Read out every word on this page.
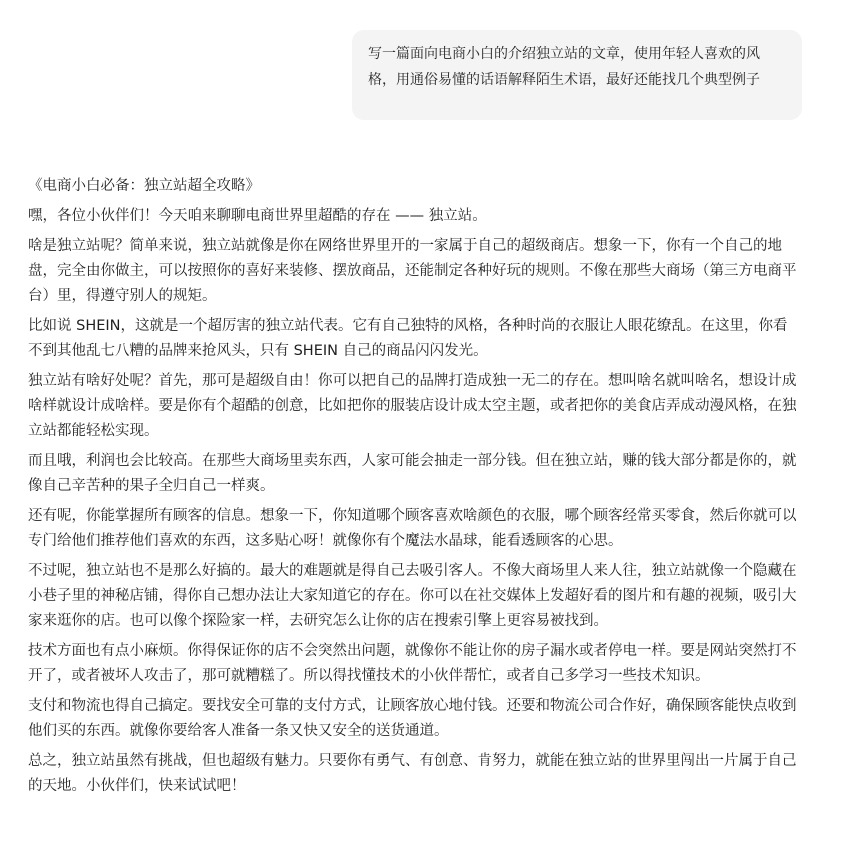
写一篇面向电商小白的介绍独立站的文章，使用年轻人喜欢的风格，用通俗易懂的话语解释陌生术语，最好还能找几个典型例子
《电商小白必备：独立站超全攻略》
嘿，各位小伙伴们！今天咱来聊聊电商世界里超酷的存在 —— 独立站。
啥是独立站呢？简单来说，独立站就像是你在网络世界里开的一家属于自己的超级商店。想象一下，你有一个自己的地盘，完全由你做主，可以按照你的喜好来装修、摆放商品，还能制定各种好玩的规则。不像在那些大商场（第三方电商平台）里，得遵守别人的规矩。
比如说 SHEIN，这就是一个超厉害的独立站代表。它有自己独特的风格，各种时尚的衣服让人眼花缭乱。在这里，你看不到其他乱七八糟的品牌来抢风头，只有 SHEIN 自己的商品闪闪发光。
独立站有啥好处呢？首先，那可是超级自由！你可以把自己的品牌打造成独一无二的存在。想叫啥名就叫啥名，想设计成啥样就设计成啥样。要是你有个超酷的创意，比如把你的服装店设计成太空主题，或者把你的美食店弄成动漫风格，在独立站都能轻松实现。
而且哦，利润也会比较高。在那些大商场里卖东西，人家可能会抽走一部分钱。但在独立站，赚的钱大部分都是你的，就像自己辛苦种的果子全归自己一样爽。
还有呢，你能掌握所有顾客的信息。想象一下，你知道哪个顾客喜欢啥颜色的衣服，哪个顾客经常买零食，然后你就可以专门给他们推荐他们喜欢的东西，这多贴心呀！就像你有个魔法水晶球，能看透顾客的心思。
不过呢，独立站也不是那么好搞的。最大的难题就是得自己去吸引客人。不像大商场里人来人往，独立站就像一个隐藏在小巷子里的神秘店铺，得你自己想办法让大家知道它的存在。你可以在社交媒体上发超好看的图片和有趣的视频，吸引大家来逛你的店。也可以像个探险家一样，去研究怎么让你的店在搜索引擎上更容易被找到。
技术方面也有点小麻烦。你得保证你的店不会突然出问题，就像你不能让你的房子漏水或者停电一样。要是网站突然打不开了，或者被坏人攻击了，那可就糟糕了。所以得找懂技术的小伙伴帮忙，或者自己多学习一些技术知识。
支付和物流也得自己搞定。要找安全可靠的支付方式，让顾客放心地付钱。还要和物流公司合作好，确保顾客能快点收到他们买的东西。就像你要给客人准备一条又快又安全的送货通道。
总之，独立站虽然有挑战，但也超级有魅力。只要你有勇气、有创意、肯努力，就能在独立站的世界里闯出一片属于自己的天地。小伙伴们，快来试试吧！
